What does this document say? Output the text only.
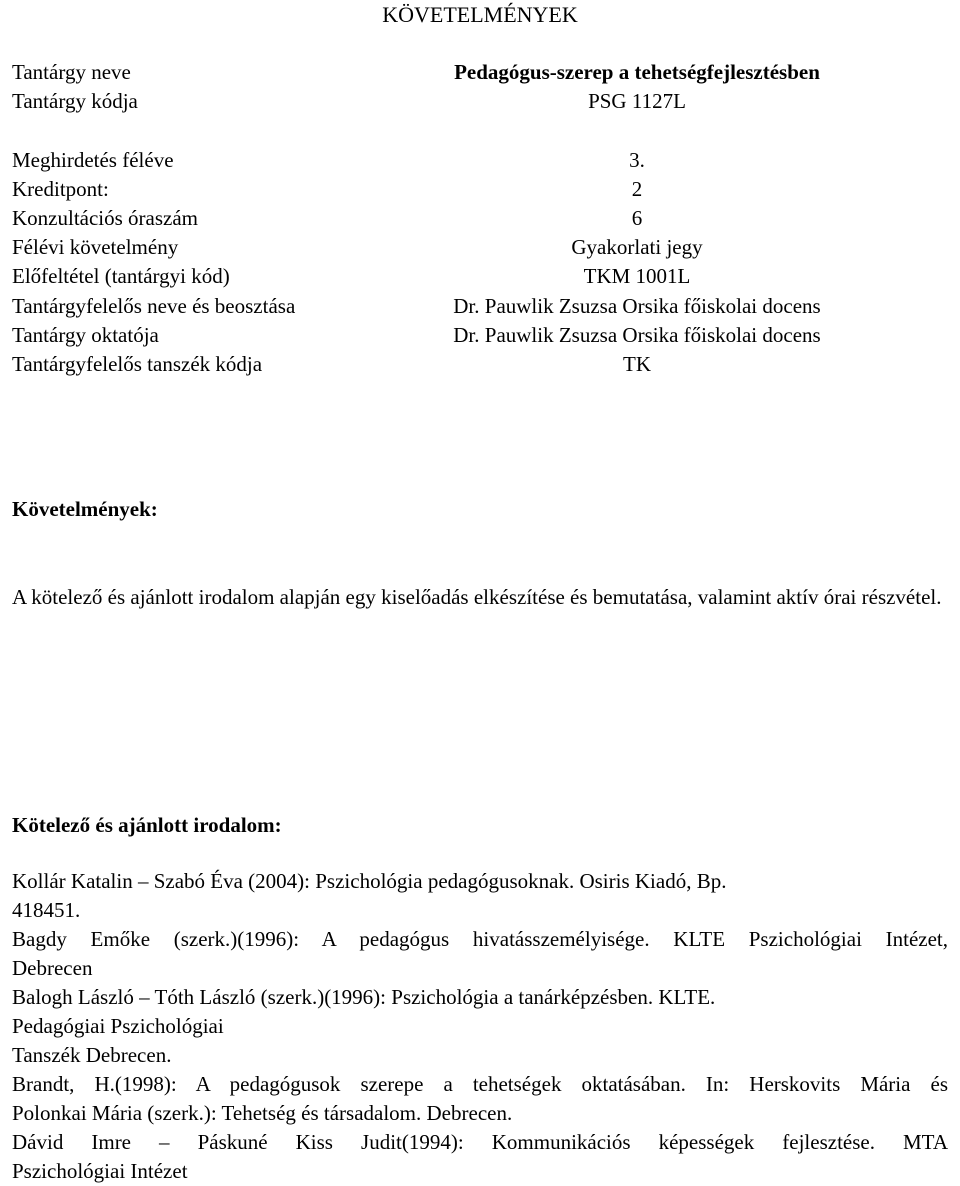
KÖVETELMÉNYEK
Tantárgy neve	Pedagógus-szerep a tehetségfejlesztésben
Tantárgy kódja	PSG 1127L
Meghirdetés féléve	3.
Kreditpont:	2
Konzultációs óraszám	6
Félévi követelmény	Gyakorlati jegy
Előfeltétel (tantárgyi kód)	TKM 1001L
Tantárgyfelelős neve és beosztása	Dr. Pauwlik Zsuzsa Orsika főiskolai docens
Tantárgy oktatója	Dr. Pauwlik Zsuzsa Orsika főiskolai docens
Tantárgyfelelős tanszék kódja	TK
Követelmények:
A kötelező és ajánlott irodalom alapján egy kiselőadás elkészítése és bemutatása, valamint aktív órai részvétel.
Kötelező és ajánlott irodalom:
Kollár Katalin – Szabó Éva (2004): Pszichológia pedagógusoknak. Osiris Kiadó, Bp.
418451.
Bagdy Emőke (szerk.)(1996): A pedagógus hivatásszemélyisége. KLTE Pszichológiai Intézet,
Debrecen
Balogh László – Tóth László (szerk.)(1996): Pszichológia a tanárképzésben. KLTE.
Pedagógiai Pszichológiai
Tanszék Debrecen.
Brandt, H.(1998): A pedagógusok szerepe a tehetségek oktatásában. In: Herskovits Mária és
Polonkai Mária (szerk.): Tehetség és társadalom. Debrecen.
Dávid Imre – Páskuné Kiss Judit(1994): Kommunikációs képességek fejlesztése. MTA
Pszichológiai Intézet
